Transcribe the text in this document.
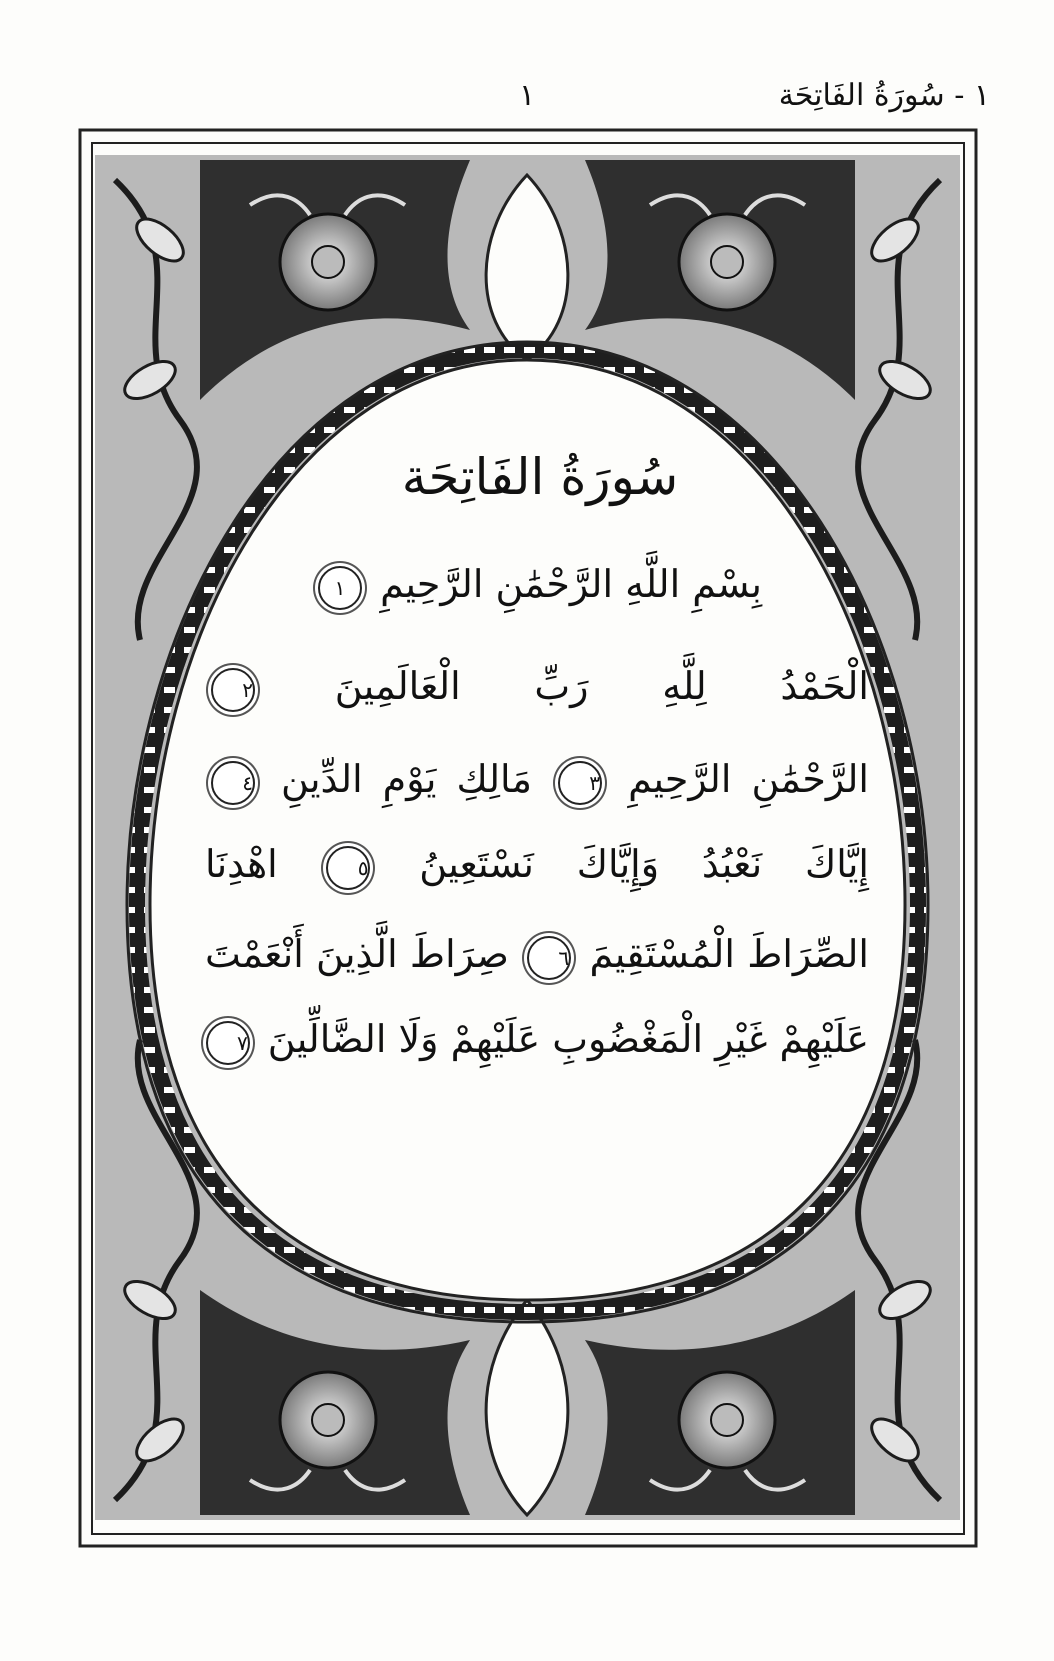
١ - سُورَةُ الفَاتِحَة
١
سُورَةُ الفَاتِحَة
بِسْمِ اللَّهِ الرَّحْمَٰنِ الرَّحِيمِ ١
الْحَمْدُ لِلَّهِ رَبِّ الْعَالَمِينَ ٢
الرَّحْمَٰنِ الرَّحِيمِ ٣ مَالِكِ يَوْمِ الدِّينِ ٤
إِيَّاكَ نَعْبُدُ وَإِيَّاكَ نَسْتَعِينُ ٥ اهْدِنَا
الصِّرَاطَ الْمُسْتَقِيمَ ٦ صِرَاطَ الَّذِينَ أَنْعَمْتَ
عَلَيْهِمْ غَيْرِ الْمَغْضُوبِ عَلَيْهِمْ وَلَا الضَّالِّينَ ٧
